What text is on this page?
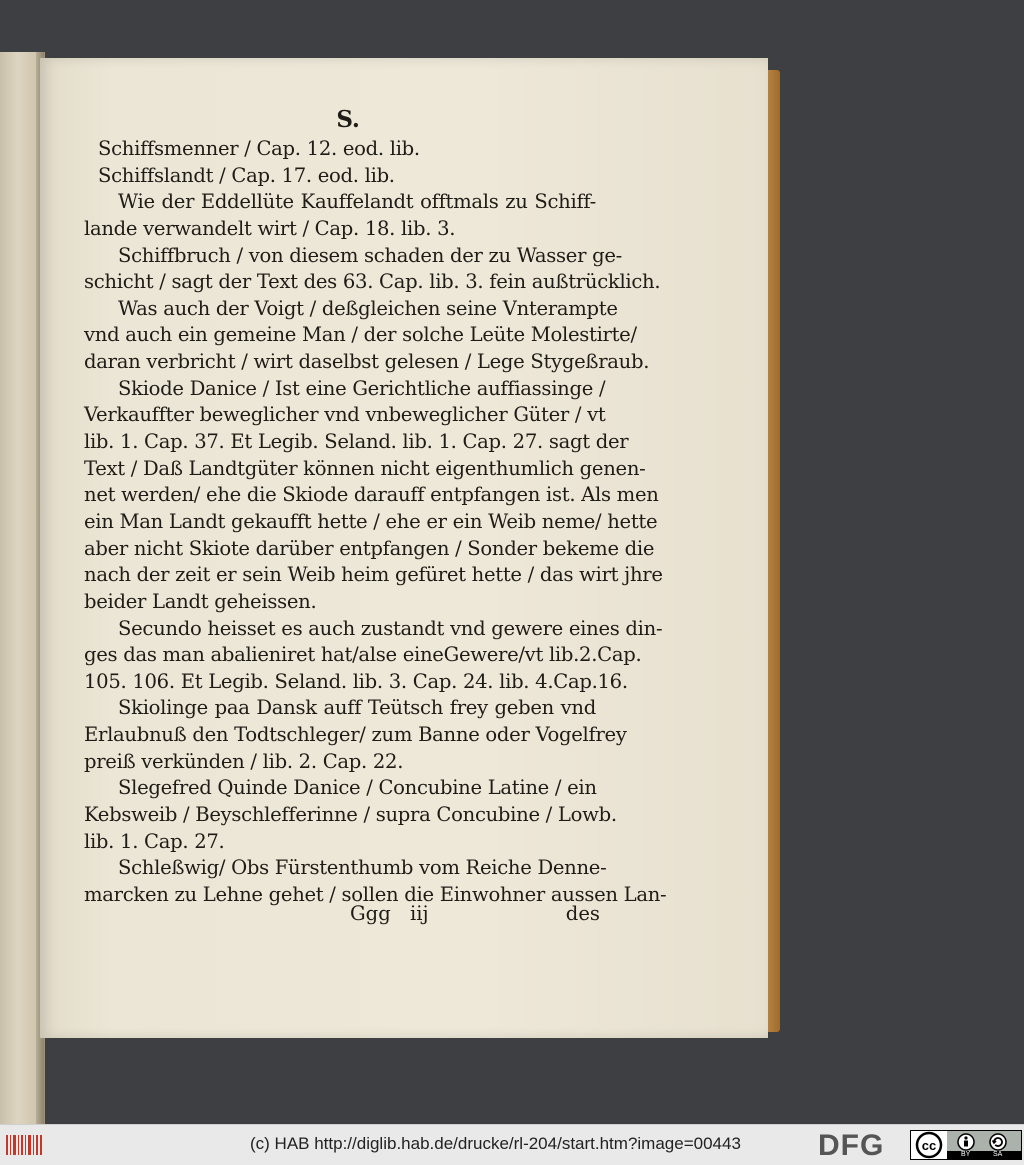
S.
Schiffsmenner / Cap. 12. eod. lib.
Schiffslandt / Cap. 17. eod. lib.
Wie der Eddellüte Kauffelandt offtmals zu Schiff-
lande verwandelt wirt / Cap. 18. lib. 3.
Schiffbruch / von diesem schaden der zu Wasser ge-
schicht / sagt der Text des 63. Cap. lib. 3. fein außtrücklich.
Was auch der Voigt / deßgleichen seine Vnterampte
vnd auch ein gemeine Man / der solche Leüte Molestirte/
daran verbricht / wirt daselbst gelesen / Lege Stygeßraub.
Skiode Danice / Ist eine Gerichtliche auffiassinge /
Verkauffter beweglicher vnd vnbeweglicher Güter / vt
lib. 1. Cap. 37. Et Legib. Seland. lib. 1. Cap. 27. sagt der
Text / Daß Landtgüter können nicht eigenthumlich genen-
net werden/ ehe die Skiode darauff entpfangen ist. Als men
ein Man Landt gekaufft hette / ehe er ein Weib neme/ hette
aber nicht Skiote darüber entpfangen / Sonder bekeme die
nach der zeit er sein Weib heim gefüret hette / das wirt jhre
beider Landt geheissen.
Secundo heisset es auch zustandt vnd gewere eines din-
ges das man abalieniret hat/alse eineGewere/vt lib.2.Cap.
105. 106. Et Legib. Seland. lib. 3. Cap. 24. lib. 4.Cap.16.
Skiolinge paa Dansk auff Teütsch frey geben vnd
Erlaubnuß den Todtschleger/ zum Banne oder Vogelfrey
preiß verkünden / lib. 2. Cap. 22.
Slegefred Quinde Danice / Concubine Latine / ein
Kebsweib / Beyschlefferinne / supra Concubine / Lowb.
lib. 1. Cap. 27.
Schleßwig/ Obs Fürstenthumb vom Reiche Denne-
marcken zu Lehne gehet / sollen die Einwohner aussen Lan-
Ggg iij	des
(c) HAB http://diglib.hab.de/drucke/rl-204/start.htm?image=00443	DFG	cc
BY	SA
